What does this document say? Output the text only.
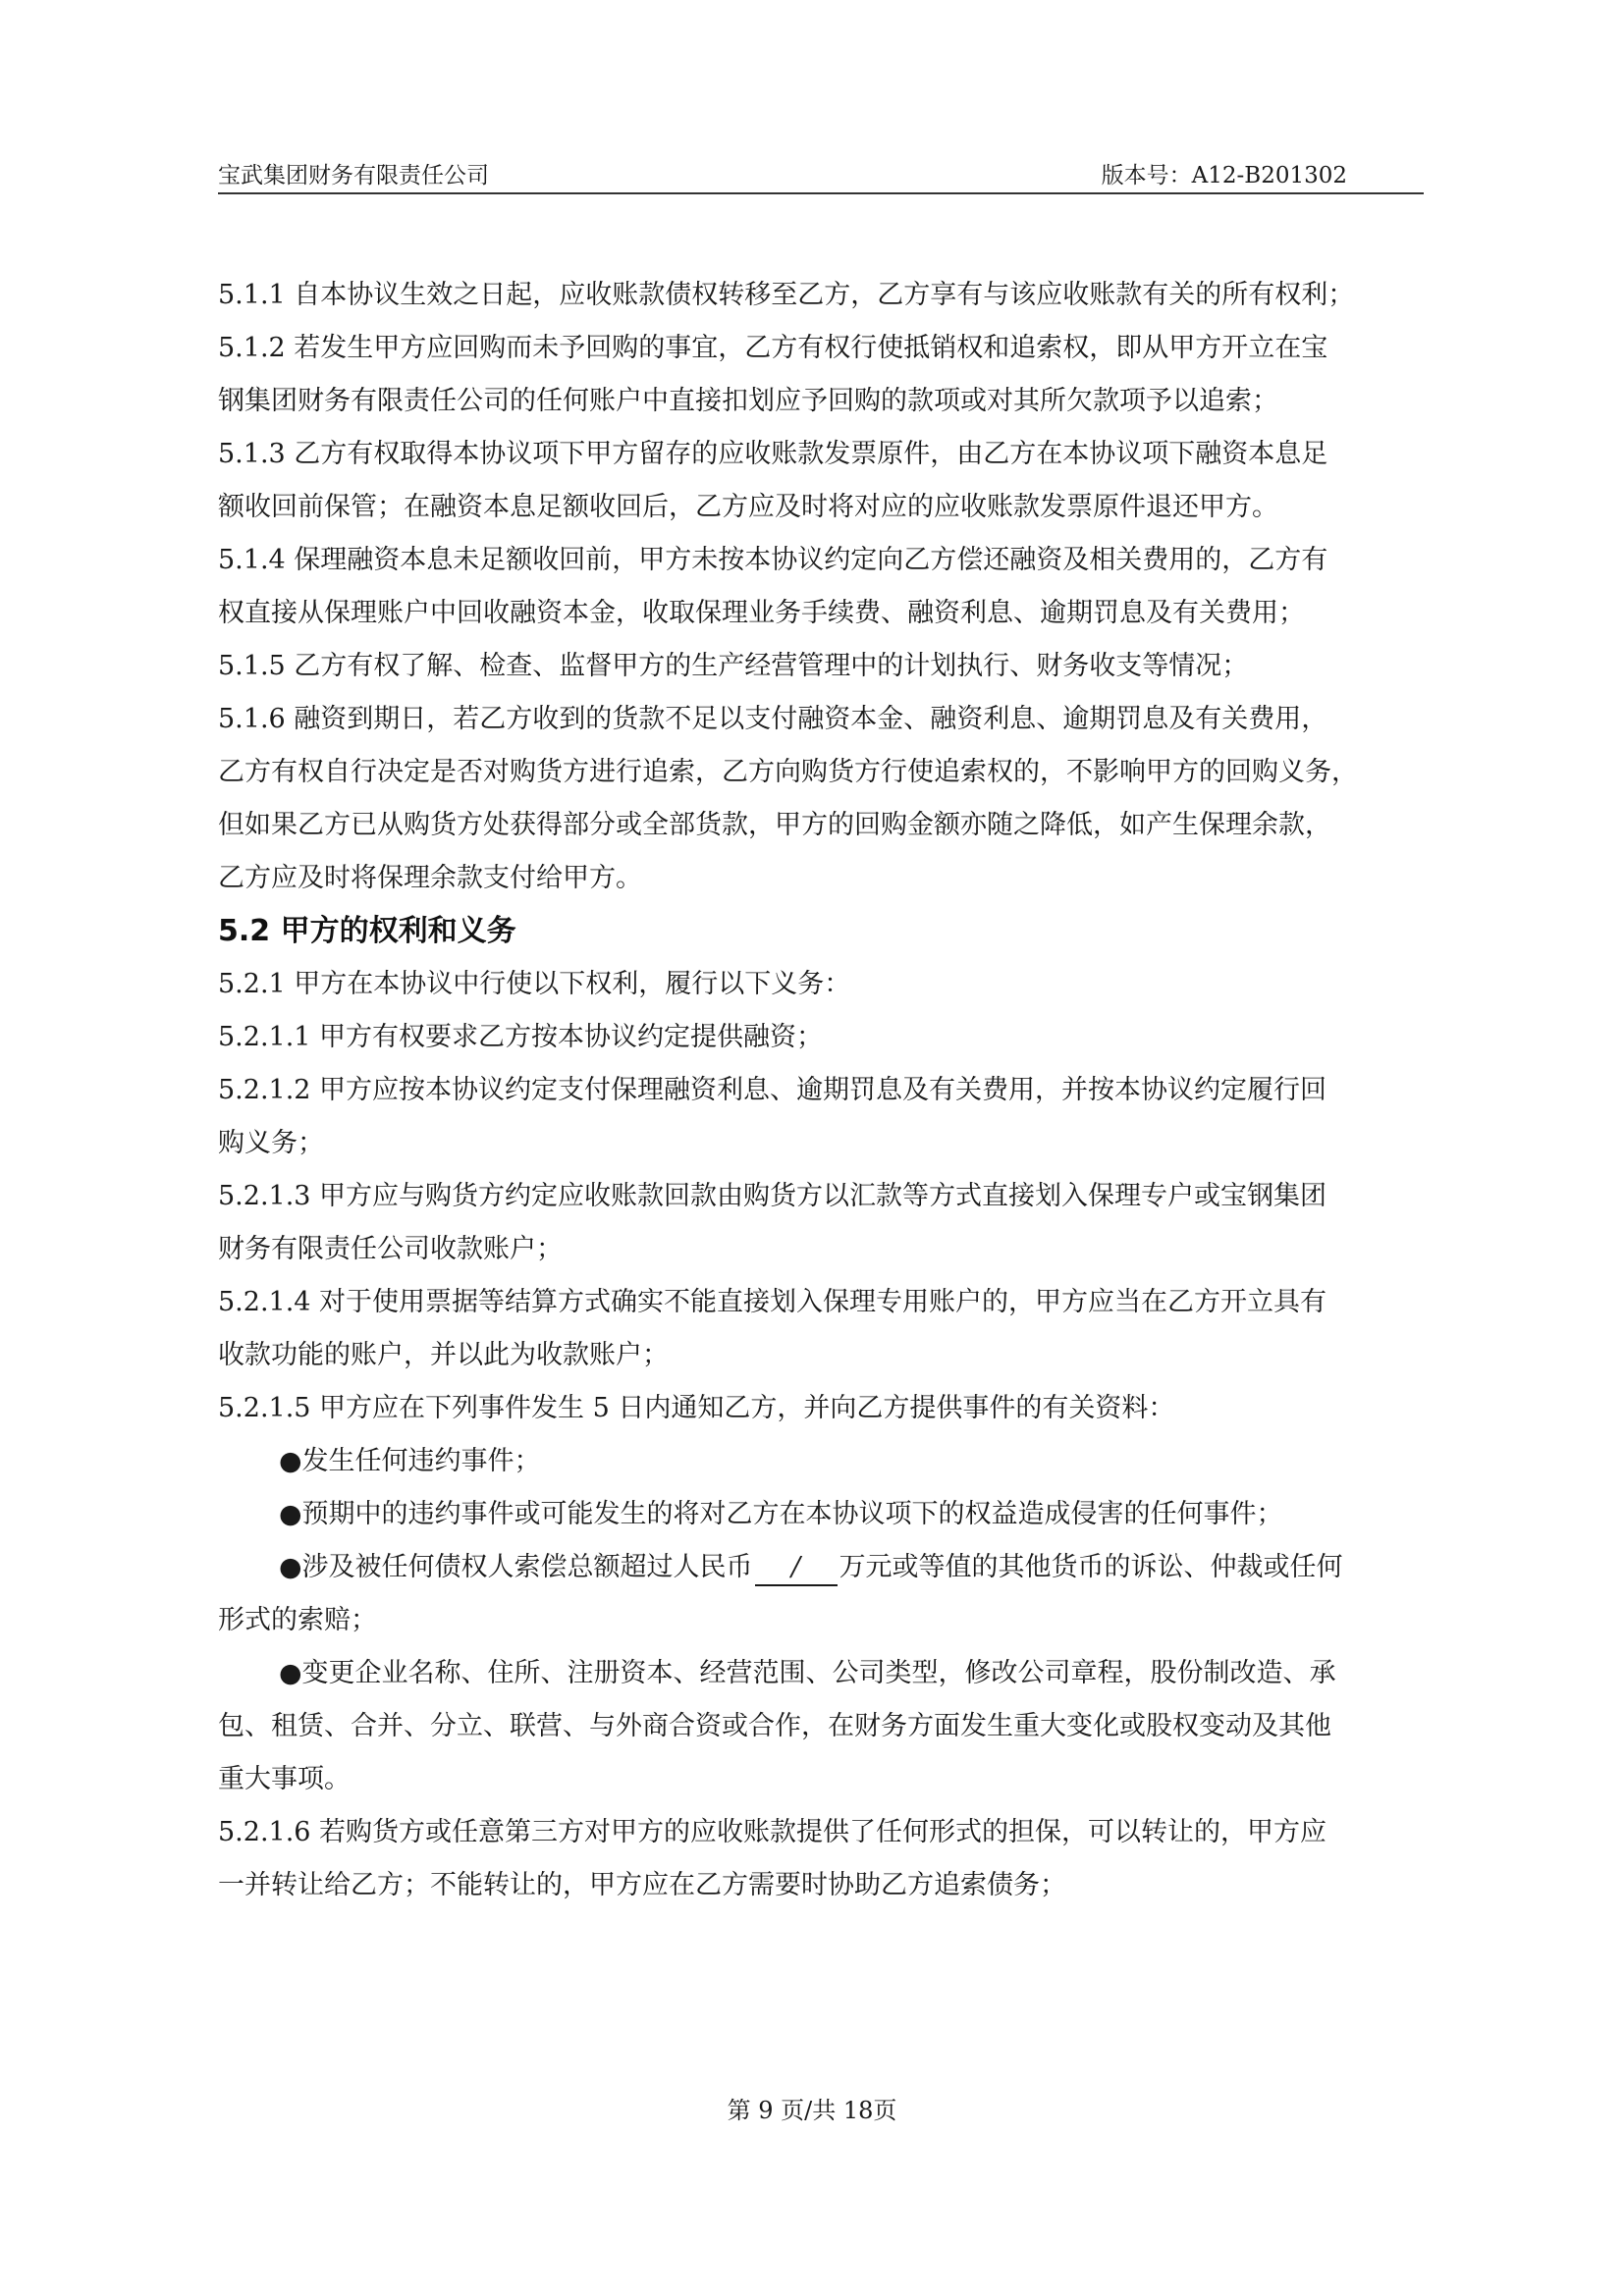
宝武集团财务有限责任公司	版本号：A12-B201302

5.1.1 自本协议生效之日起，应收账款债权转移至乙方，乙方享有与该应收账款有关的所有权利；

5.1.2 若发生甲方应回购而未予回购的事宜，乙方有权行使抵销权和追索权，即从甲方开立在宝

钢集团财务有限责任公司的任何账户中直接扣划应予回购的款项或对其所欠款项予以追索；

5.1.3 乙方有权取得本协议项下甲方留存的应收账款发票原件，由乙方在本协议项下融资本息足

额收回前保管；在融资本息足额收回后，乙方应及时将对应的应收账款发票原件退还甲方。

5.1.4 保理融资本息未足额收回前，甲方未按本协议约定向乙方偿还融资及相关费用的，乙方有

权直接从保理账户中回收融资本金，收取保理业务手续费、融资利息、逾期罚息及有关费用；

5.1.5 乙方有权了解、检查、监督甲方的生产经营管理中的计划执行、财务收支等情况；

5.1.6 融资到期日，若乙方收到的货款不足以支付融资本金、融资利息、逾期罚息及有关费用，

乙方有权自行决定是否对购货方进行追索，乙方向购货方行使追索权的，不影响甲方的回购义务，

但如果乙方已从购货方处获得部分或全部货款，甲方的回购金额亦随之降低，如产生保理余款，

乙方应及时将保理余款支付给甲方。

5.2 甲方的权利和义务

5.2.1 甲方在本协议中行使以下权利，履行以下义务：

5.2.1.1 甲方有权要求乙方按本协议约定提供融资；

5.2.1.2 甲方应按本协议约定支付保理融资利息、逾期罚息及有关费用，并按本协议约定履行回

购义务；

5.2.1.3 甲方应与购货方约定应收账款回款由购货方以汇款等方式直接划入保理专户或宝钢集团

财务有限责任公司收款账户；

5.2.1.4 对于使用票据等结算方式确实不能直接划入保理专用账户的，甲方应当在乙方开立具有

收款功能的账户，并以此为收款账户；

5.2.1.5 甲方应在下列事件发生 5 日内通知乙方，并向乙方提供事件的有关资料：

●发生任何违约事件；

●预期中的违约事件或可能发生的将对乙方在本协议项下的权益造成侵害的任何事件；

●涉及被任何债权人索偿总额超过人民币 / 万元或等值的其他货币的诉讼、仲裁或任何

形式的索赔；

●变更企业名称、住所、注册资本、经营范围、公司类型，修改公司章程，股份制改造、承

包、租赁、合并、分立、联营、与外商合资或合作，在财务方面发生重大变化或股权变动及其他

重大事项。

5.2.1.6 若购货方或任意第三方对甲方的应收账款提供了任何形式的担保，可以转让的，甲方应

一并转让给乙方；不能转让的，甲方应在乙方需要时协助乙方追索债务；

第 9 页/共 18页
